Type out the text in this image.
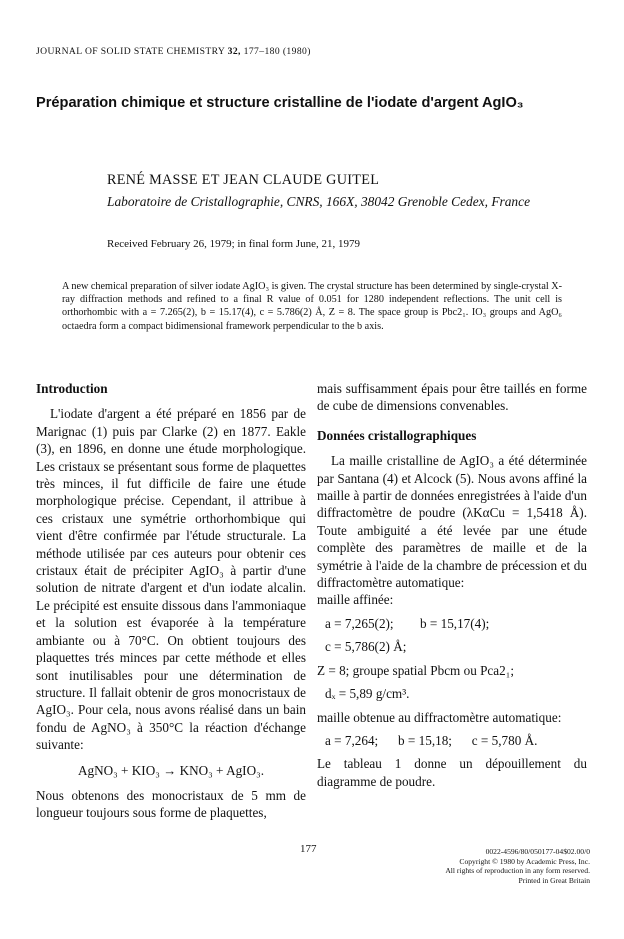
JOURNAL OF SOLID STATE CHEMISTRY 32, 177–180 (1980)
Préparation chimique et structure cristalline de l'iodate d'argent AgIO₃
RENÉ MASSE ET JEAN CLAUDE GUITEL
Laboratoire de Cristallographie, CNRS, 166X, 38042 Grenoble Cedex, France
Received February 26, 1979; in final form June, 21, 1979
A new chemical preparation of silver iodate AgIO₃ is given. The crystal structure has been determined by single-crystal X-ray diffraction methods and refined to a final R value of 0.051 for 1280 independent reflections. The unit cell is orthorhombic with a = 7.265(2), b = 15.17(4), c = 5.786(2) Å, Z = 8. The space group is Pbc2₁. IO₃ groups and AgO₆ octaedra form a compact bidimensional framework perpendicular to the b axis.
Introduction

L'iodate d'argent a été préparé en 1856 par de Marignac (1) puis par Clarke (2) en 1877. Eakle (3), en 1896, en donne une étude morphologique. Les cristaux se présentant sous forme de plaquettes très minces, il fut difficile de faire une étude morphologique précise. Cependant, il attribue à ces cristaux une symétrie orthorhombique qui vient d'être confirmée par l'étude structurale. La méthode utilisée par ces auteurs pour obtenir ces cristaux était de précipiter AgIO₃ à partir d'une solution de nitrate d'argent et d'un iodate alcalin. Le précipité est ensuite dissous dans l'ammoniaque et la solution est évaporée à la température ambiante ou à 70°C. On obtient toujours des plaquettes trés minces par cette méthode et elles sont inutilisables pour une détermination de structure. Il fallait obtenir de gros monocristaux de AgIO₃. Pour cela, nous avons réalisé dans un bain fondu de AgNO₃ à 350°C la réaction d'échange suivante:

AgNO₃ + KIO₃ → KNO₃ + AgIO₃.

Nous obtenons des monocristaux de 5 mm de longueur toujours sous forme de plaquettes,

mais suffisamment épais pour être taillés en forme de cube de dimensions convenables.

Données cristallographiques

La maille cristalline de AgIO₃ a été déterminée par Santana (4) et Alcock (5). Nous avons affiné la maille à partir de données enregistrées à l'aide d'un diffractomètre de poudre (λKαCu = 1,5418 Å). Toute ambiguité a été levée par une étude complète des paramètres de maille et de la symétrie à l'aide de la chambre de précession et du diffractomètre automatique:

maille affinée:

a = 7,265(2);        b = 15,17(4);

c = 5,786(2) Å;

Z = 8; groupe spatial Pbcm ou Pca2₁;

dₓ = 5,89 g/cm³.

maille obtenue au diffractomètre automatique:

a = 7,264;      b = 15,18;      c = 5,780 Å.

Le tableau 1 donne un dépouillement du diagramme de poudre.

177	0022-4596/80/050177-04$02.00/0
Copyright © 1980 by Academic Press, Inc.
All rights of reproduction in any form reserved.
Printed in Great Britain
